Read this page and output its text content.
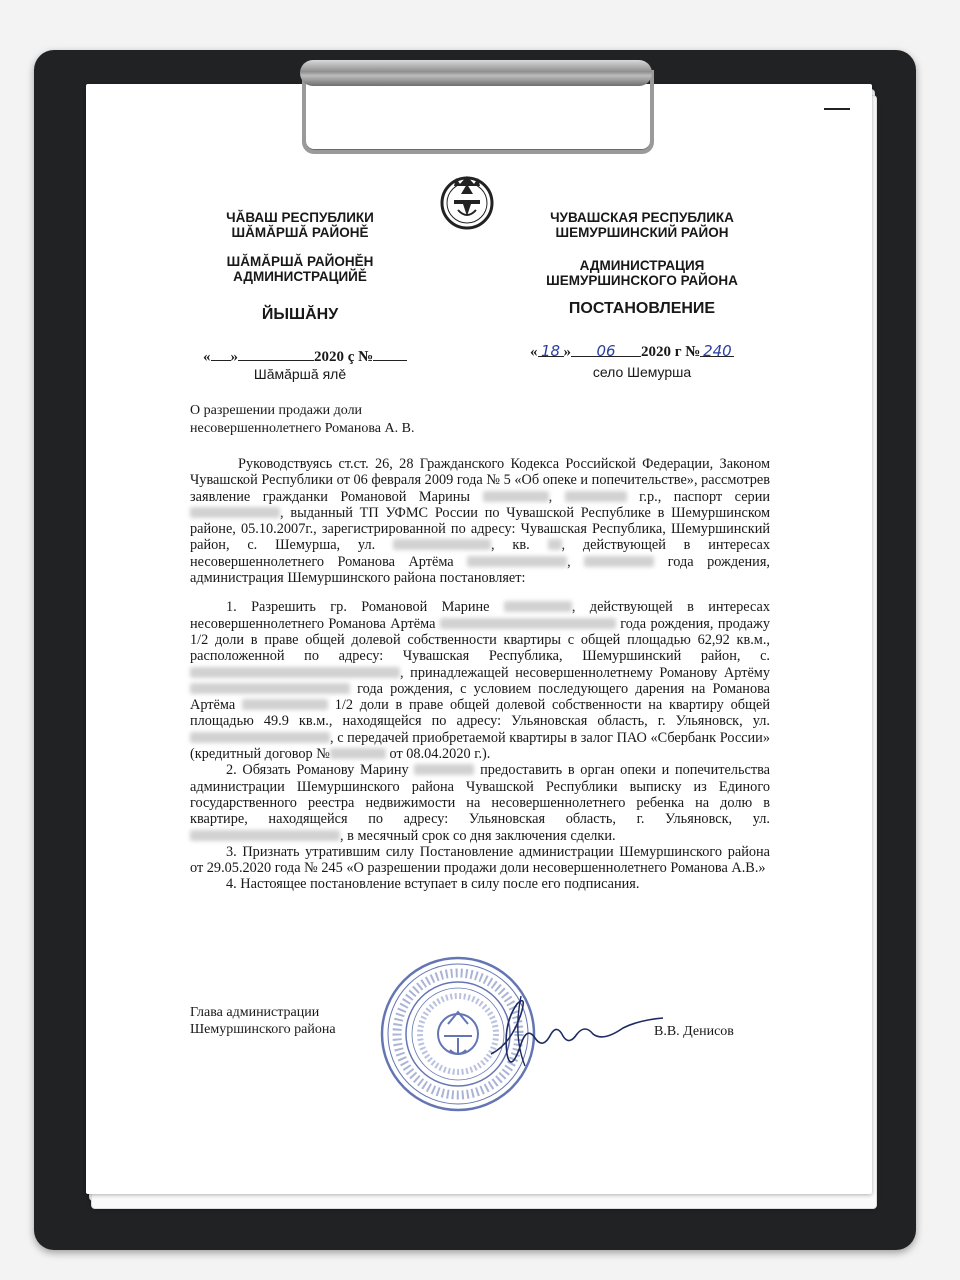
ЧĂВАШ РЕСПУБЛИКИ
ШĂМĂРШĂ РАЙОНĚ
ШĂМĂРШĂ РАЙОНĔН
АДМИНИСТРАЦИЙĚ
ЙЫШĂНУ
ЧУВАШСКАЯ РЕСПУБЛИКА
ШЕМУРШИНСКИЙ РАЙОН
АДМИНИСТРАЦИЯ
ШЕМУРШИНСКОГО РАЙОНА
ПОСТАНОВЛЕНИЕ
« »	2020 ç №
Шăмăршă ялě
« 18 » 06 2020 г № 240
село Шемурша
О разрешении продажи доли
несовершеннолетнего Романова А. В.

Руководствуясь ст.ст. 26, 28 Гражданского Кодекса Российской Федерации, Законом Чувашской Республики от 06 февраля 2009 года № 5 «Об опеке и попечительстве», рассмотрев заявление гражданки Романовой Марины	,	г.р., паспорт серии , выданный ТП УФМС России по Чувашской Республике в Шемуршинском районе, 05.10.2007г., зарегистрированной по адресу: Чувашская Республика, Шемуршинский район, с. Шемурша, ул.	, кв. , действующей в интересах несовершеннолетнего Романова Артёма	,	года рождения, администрация Шемуршинского района постановляет:

1. Разрешить гр. Романовой Марине	, действующей в интересах несовершеннолетнего Романова Артёма	года рождения, продажу 1/2 доли в праве общей долевой собственности квартиры с общей площадью 62,92 кв.м., расположенной по адресу: Чувашская Республика, Шемуршинский район, с. , принадлежащей несовершеннолетнему Романову Артёму  года рождения, с условием последующего дарения на Романова Артёма	1/2 доли в праве общей долевой собственности на квартиру общей площадью 49.9 кв.м., находящейся по адресу: Ульяновская область, г. Ульяновск, ул. , с передачей приобретаемой квартиры в залог ПАО «Сбербанк России» (кредитный договор №	от 08.04.2020 г.).
2. Обязать Романову Марину	предоставить в орган опеки и попечительства администрации Шемуршинского района Чувашской Республики выписку из Единого государственного реестра недвижимости на несовершеннолетнего ребенка на долю в квартире, находящейся по адресу: Ульяновская область, г. Ульяновск, ул. , в месячный срок со дня заключения сделки.
3. Признать утратившим силу Постановление администрации Шемуршинского района от 29.05.2020 года № 245 «О разрешении продажи доли несовершеннолетнего Романова А.В.»
4. Настоящее постановление вступает в силу после его подписания.
Глава администрации
Шемуршинского района	В.В. Денисов
